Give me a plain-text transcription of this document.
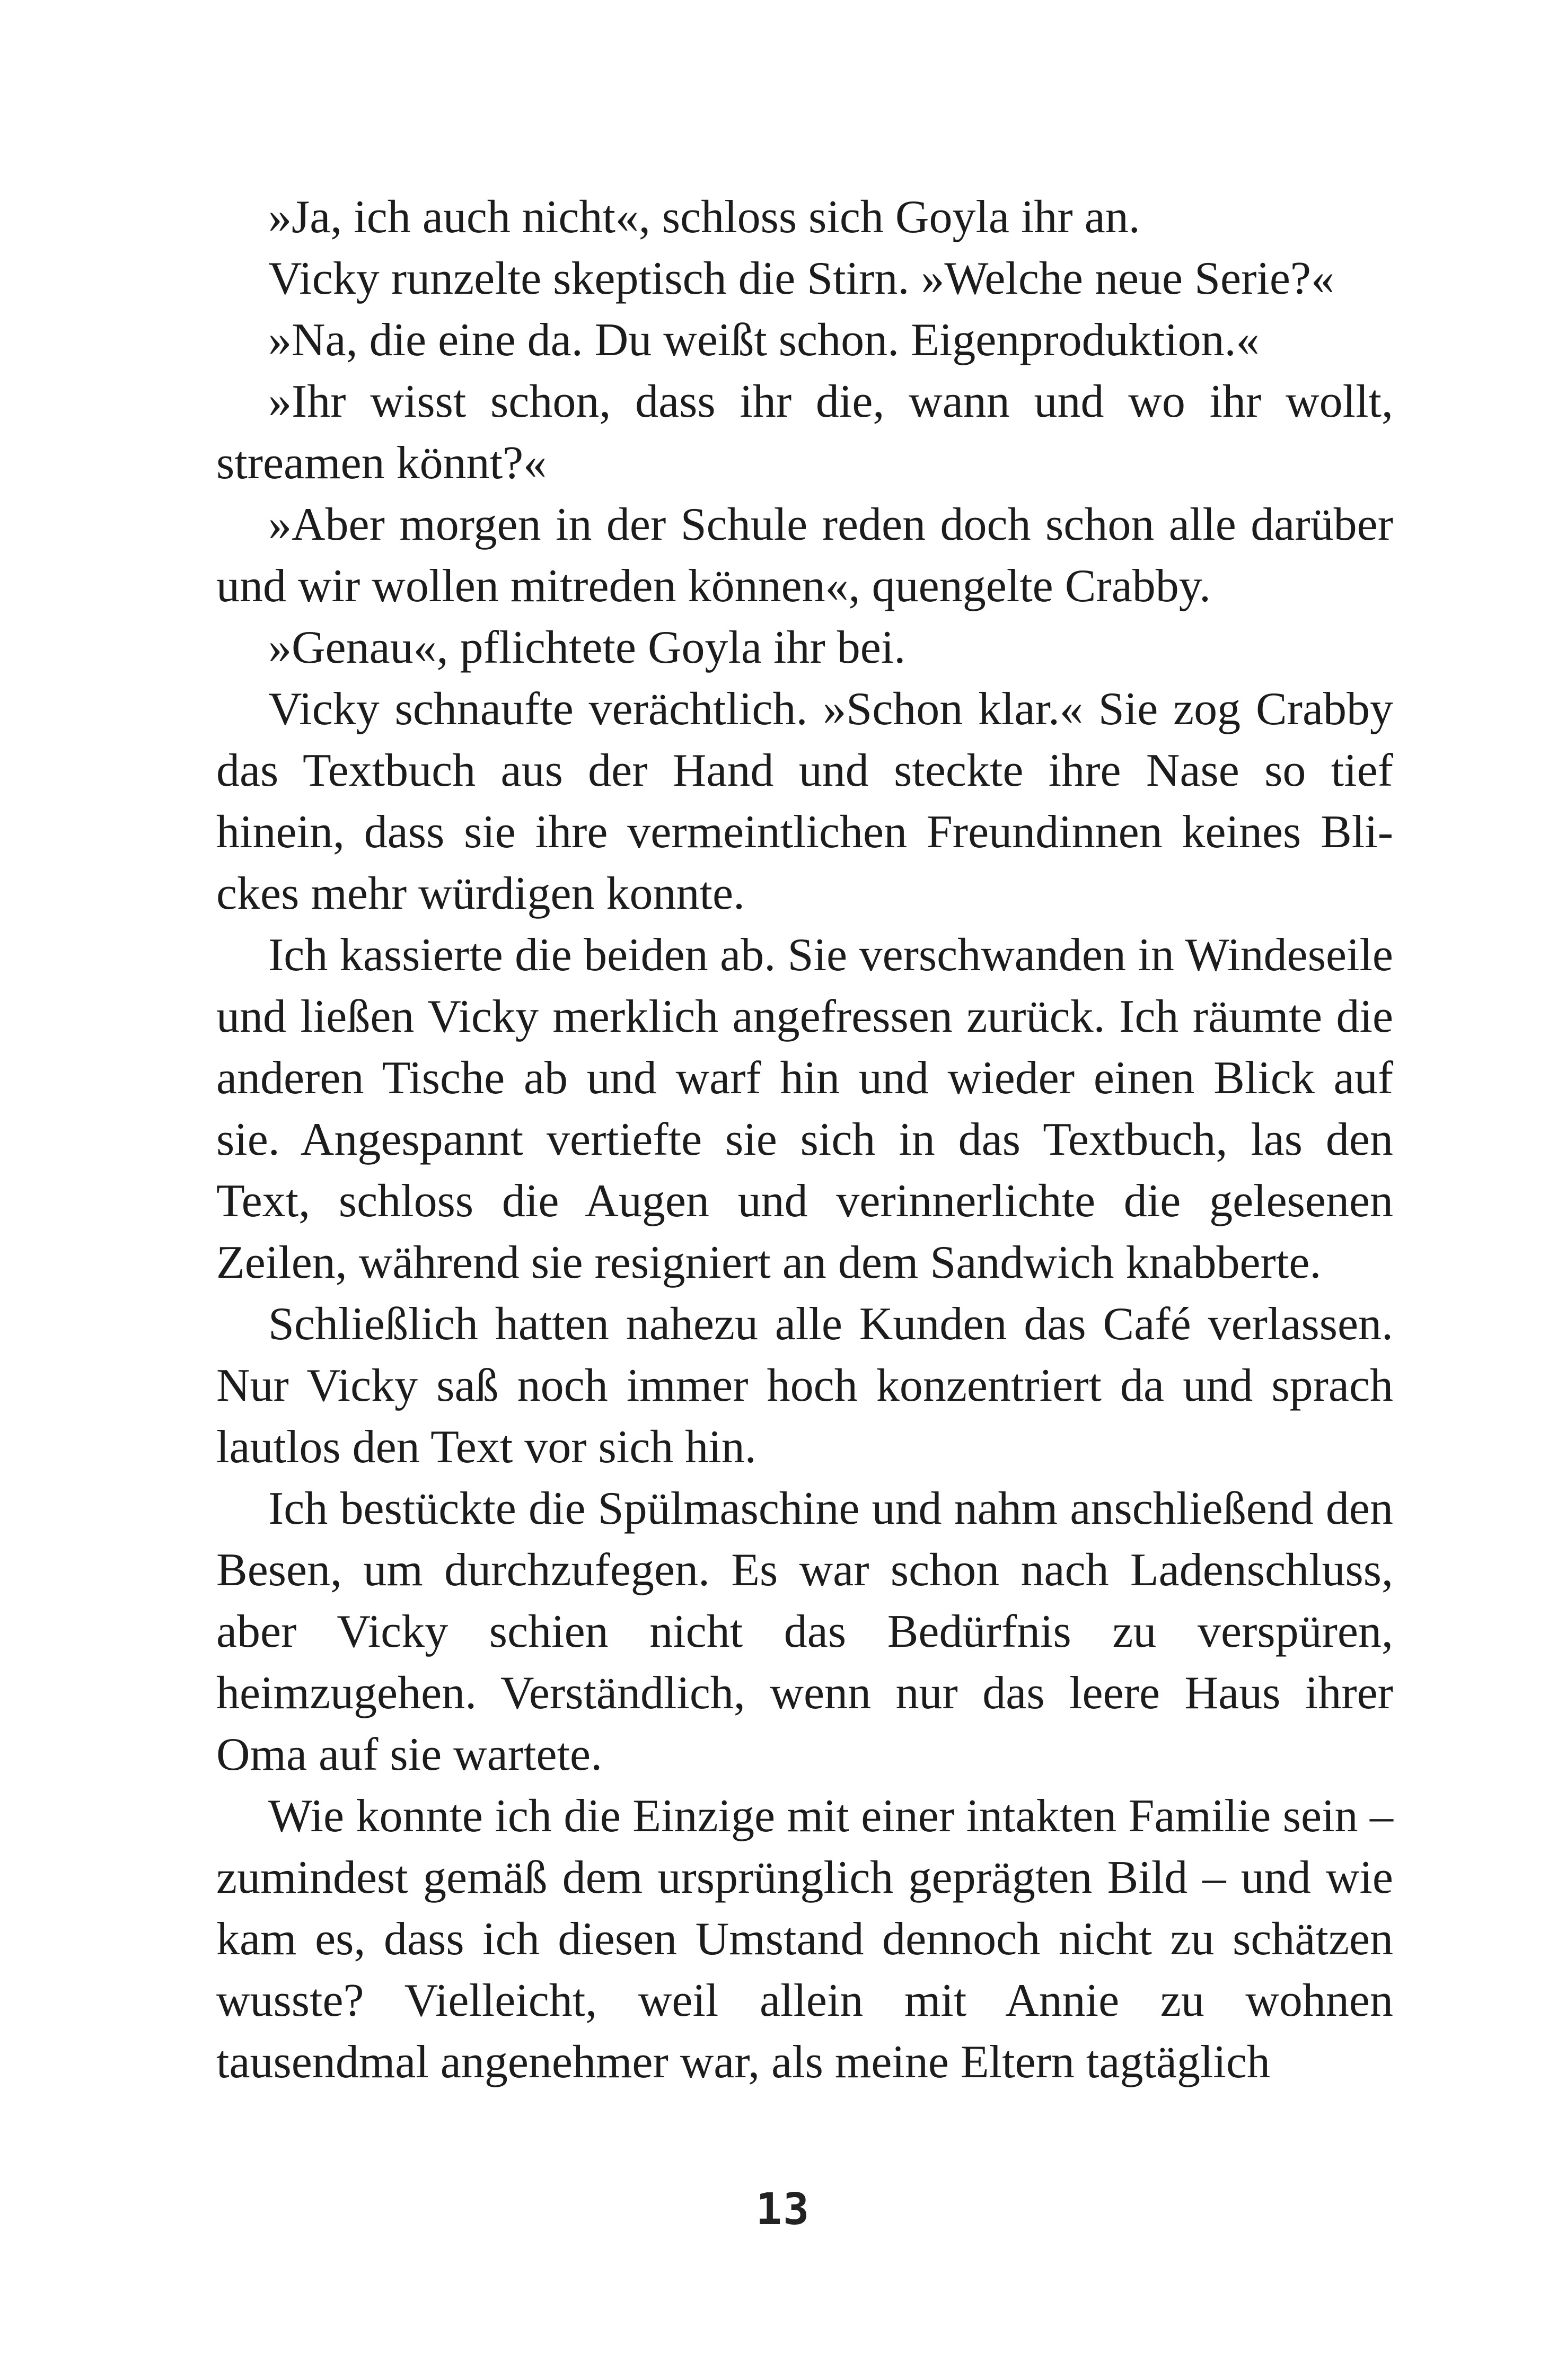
»Ja, ich auch nicht«, schloss sich Goyla ihr an.

Vicky runzelte skeptisch die Stirn. »Welche neue Serie?«

»Na, die eine da. Du weißt schon. Eigenproduktion.«

»Ihr wisst schon, dass ihr die, wann und wo ihr wollt, streamen könnt?«

»Aber morgen in der Schule reden doch schon alle darüber und wir wollen mitreden können«, quengelte Crabby.

»Genau«, pflichtete Goyla ihr bei.

Vicky schnaufte verächtlich. »Schon klar.« Sie zog Crabby das Textbuch aus der Hand und steckte ihre Nase so tief hinein, dass sie ihre vermeintlichen Freundinnen keines Blickes mehr würdigen konnte.

Ich kassierte die beiden ab. Sie verschwanden in Windeseile und ließen Vicky merklich angefressen zurück. Ich räumte die anderen Tische ab und warf hin und wieder einen Blick auf sie. Angespannt vertiefte sie sich in das Textbuch, las den Text, schloss die Augen und verinnerlichte die gelesenen Zeilen, während sie resigniert an dem Sandwich knabberte.

Schließlich hatten nahezu alle Kunden das Café verlassen. Nur Vicky saß noch immer hoch konzentriert da und sprach lautlos den Text vor sich hin.

Ich bestückte die Spülmaschine und nahm anschließend den Besen, um durchzufegen. Es war schon nach Ladenschluss, aber Vicky schien nicht das Bedürfnis zu verspüren, heimzugehen. Verständlich, wenn nur das leere Haus ihrer Oma auf sie wartete.

Wie konnte ich die Einzige mit einer intakten Familie sein – zumindest gemäß dem ursprünglich geprägten Bild – und wie kam es, dass ich diesen Umstand dennoch nicht zu schätzen wusste? Vielleicht, weil allein mit Annie zu wohnen tausendmal angenehmer war, als meine Eltern tagtäglich

13
